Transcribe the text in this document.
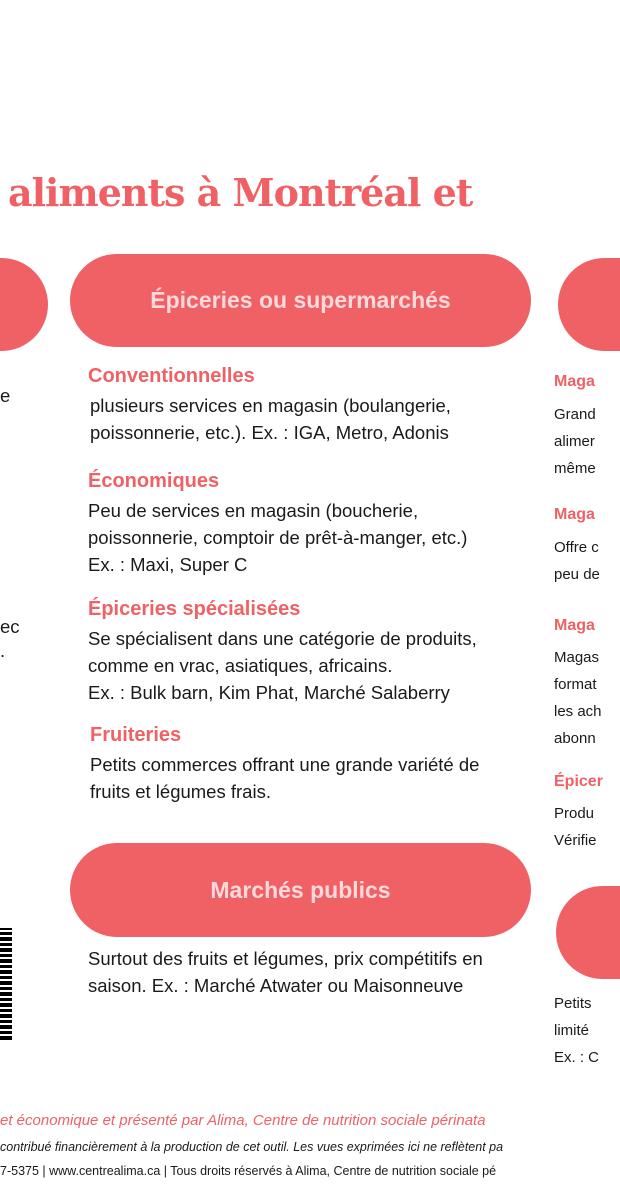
aliments à Montréal et
Épiceries ou supermarchés
e
ec
.
Conventionnelles
plusieurs services en magasin (boulangerie,
poissonnerie, etc.). Ex. : IGA, Metro, Adonis
Économiques
Peu de services en magasin (boucherie,
poissonnerie, comptoir de prêt-à-manger, etc.)
Ex. : Maxi, Super C
Épiceries spécialisées
Se spécialisent dans une catégorie de produits,
comme en vrac, asiatiques, africains.
Ex. : Bulk barn, Kim Phat, Marché Salaberry
Fruiteries
Petits commerces offrant une grande variété de
fruits et légumes frais.
Marchés publics
Surtout des fruits et légumes, prix compétitifs en
saison. Ex. : Marché Atwater ou Maisonneuve
Maga
Grand
alimer
même
Maga
Offre c
peu de
Maga
Magas
format
les ach
abonn
Épicer
Produ
Vérifie
Petits
limité
Ex. : C
et économique et présenté par Alima, Centre de nutrition sociale périnata
contribué financièrement à la production de cet outil. Les vues exprimées ici ne reflètent pa
7-5375 | www.centrealima.ca | Tous droits réservés à Alima, Centre de nutrition sociale pé
